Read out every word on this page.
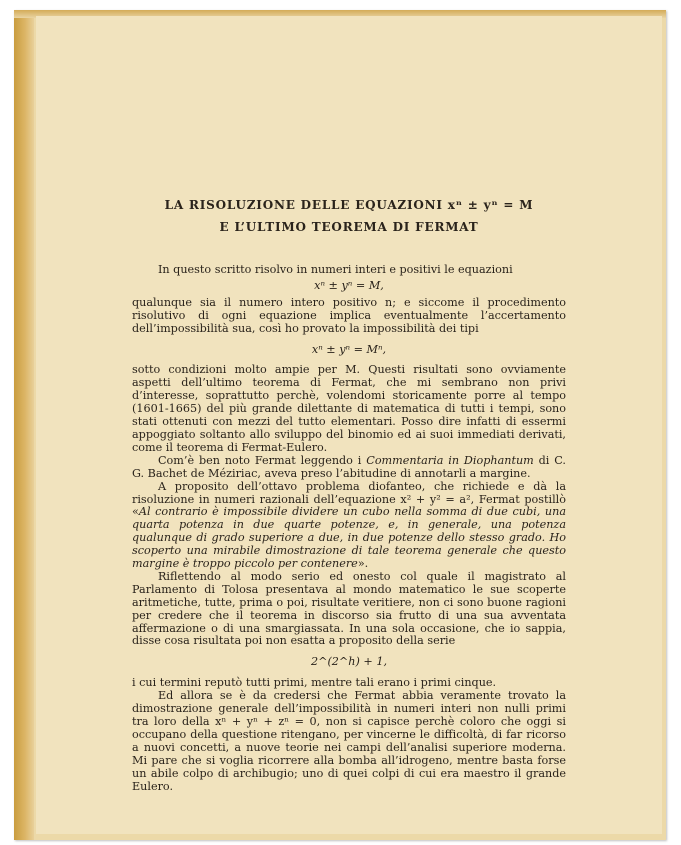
LA RISOLUZIONE DELLE EQUAZIONI xⁿ ± yⁿ = M
E L’ULTIMO TEOREMA DI FERMAT

In questo scritto risolvo in numeri interi e positivi le equazioni

xⁿ ± yⁿ = M,

qualunque sia il numero intero positivo n; e siccome il procedimento risolutivo di ogni equazione implica eventualmente l’accertamento dell’impossibilità sua, così ho provato la impossibilità dei tipi

xⁿ ± yⁿ = Mⁿ,

sotto condizioni molto ampie per M. Questi risultati sono ovviamente aspetti dell’ultimo teorema di Fermat, che mi sembrano non privi d’interesse, soprattutto perchè, volendomi storicamente porre al tempo (1601-1665) del più grande dilettante di matematica di tutti i tempi, sono stati ottenuti con mezzi del tutto elementari. Posso dire infatti di essermi appoggiato soltanto allo sviluppo del binomio ed ai suoi immediati derivati, come il teorema di Fermat-Eulero.

Com’è ben noto Fermat leggendo i Commentaria in Diophantum di C. G. Bachet de Méziriac, aveva preso l’abitudine di annotarli a margine.

A proposito dell’ottavo problema diofanteo, che richiede e dà la risoluzione in numeri razionali dell’equazione x² + y² = a², Fermat postillò «Al contrario è impossibile dividere un cubo nella somma di due cubi, una quarta potenza in due quarte potenze, e, in generale, una potenza qualunque di grado superiore a due, in due potenze dello stesso grado. Ho scoperto una mirabile dimostrazione di tale teorema generale che questo margine è troppo piccolo per contenere».

Riflettendo al modo serio ed onesto col quale il magistrato al Parlamento di Tolosa presentava al mondo matematico le sue scoperte aritmetiche, tutte, prima o poi, risultate veritiere, non ci sono buone ragioni per credere che il teorema in discorso sia frutto di una sua avventata affermazione o di una smargiassata. In una sola occasione, che io sappia, disse cosa risultata poi non esatta a proposito della serie

2^(2^h) + 1,

i cui termini reputò tutti primi, mentre tali erano i primi cinque.

Ed allora se è da credersi che Fermat abbia veramente trovato la dimostrazione generale dell’impossibilità in numeri interi non nulli primi tra loro della xⁿ + yⁿ + zⁿ = 0, non si capisce perchè coloro che oggi si occupano della questione ritengano, per vincerne le difficoltà, di far ricorso a nuovi concetti, a nuove teorie nei campi dell’analisi superiore moderna. Mi pare che si voglia ricorrere alla bomba all’idrogeno, mentre basta forse un abile colpo di archibugio; uno di quei colpi di cui era maestro il grande Eulero.
